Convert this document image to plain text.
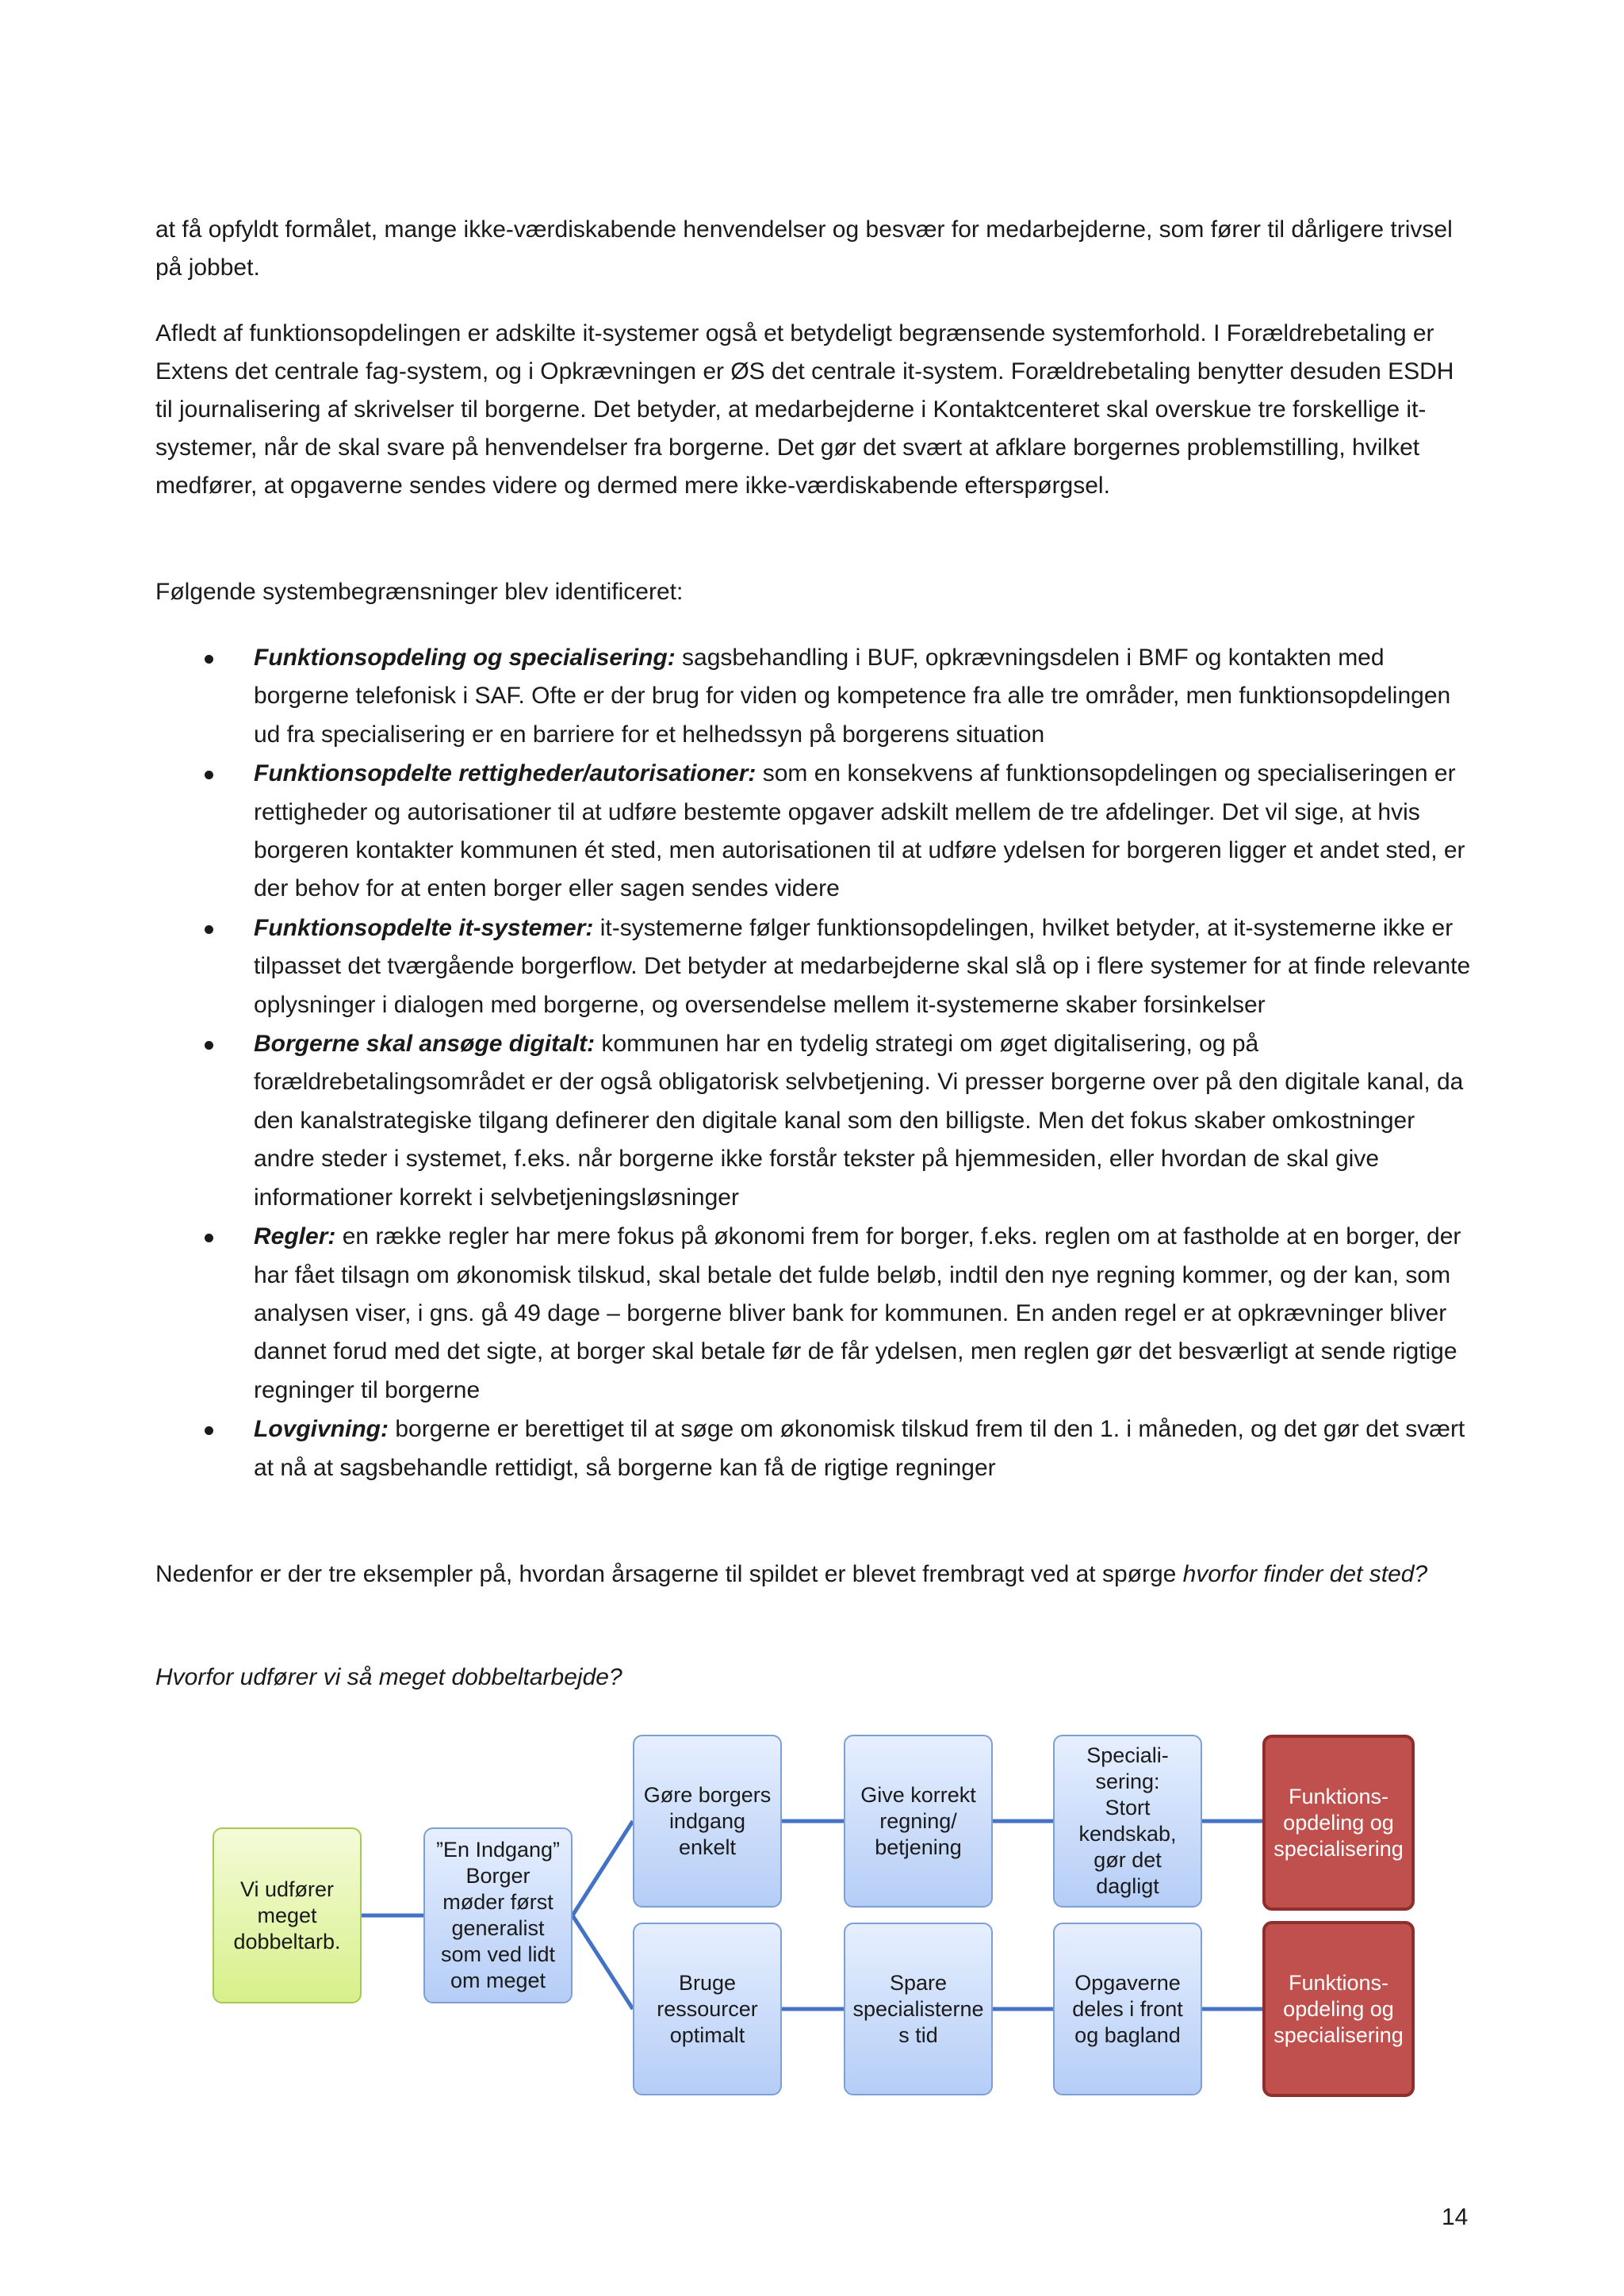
at få opfyldt formålet, mange ikke-værdiskabende henvendelser og besvær for medarbejderne, som fører til dårligere trivsel på jobbet.

Afledt af funktionsopdelingen er adskilte it-systemer også et betydeligt begrænsende systemforhold. I Forældrebetaling er Extens det centrale fag-system, og i Opkrævningen er ØS det centrale it-system. Forældrebetaling benytter desuden ESDH til journalisering af skrivelser til borgerne. Det betyder, at medarbejderne i Kontaktcenteret skal overskue tre forskellige it-systemer, når de skal svare på henvendelser fra borgerne. Det gør det svært at afklare borgernes problemstilling, hvilket medfører, at opgaverne sendes videre og dermed mere ikke-værdiskabende efterspørgsel.

Følgende systembegrænsninger blev identificeret:

Funktionsopdeling og specialisering: sagsbehandling i BUF, opkrævningsdelen i BMF og kontakten med borgerne telefonisk i SAF. Ofte er der brug for viden og kompetence fra alle tre områder, men funktionsopdelingen ud fra specialisering er en barriere for et helhedssyn på borgerens situation
Funktionsopdelte rettigheder/autorisationer: som en konsekvens af funktionsopdelingen og specialiseringen er rettigheder og autorisationer til at udføre bestemte opgaver adskilt mellem de tre afdelinger. Det vil sige, at hvis borgeren kontakter kommunen ét sted, men autorisationen til at udføre ydelsen for borgeren ligger et andet sted, er der behov for at enten borger eller sagen sendes videre
Funktionsopdelte it-systemer: it-systemerne følger funktionsopdelingen, hvilket betyder, at it-systemerne ikke er tilpasset det tværgående borgerflow. Det betyder at medarbejderne skal slå op i flere systemer for at finde relevante oplysninger i dialogen med borgerne, og oversendelse mellem it-systemerne skaber forsinkelser
Borgerne skal ansøge digitalt: kommunen har en tydelig strategi om øget digitalisering, og på forældrebetalingsområdet er der også obligatorisk selvbetjening. Vi presser borgerne over på den digitale kanal, da den kanalstrategiske tilgang definerer den digitale kanal som den billigste. Men det fokus skaber omkostninger andre steder i systemet, f.eks. når borgerne ikke forstår tekster på hjemmesiden, eller hvordan de skal give informationer korrekt i selvbetjeningsløsninger
Regler: en række regler har mere fokus på økonomi frem for borger, f.eks. reglen om at fastholde at en borger, der har fået tilsagn om økonomisk tilskud, skal betale det fulde beløb, indtil den nye regning kommer, og der kan, som analysen viser, i gns. gå 49 dage – borgerne bliver bank for kommunen. En anden regel er at opkrævninger bliver dannet forud med det sigte, at borger skal betale før de får ydelsen, men reglen gør det besværligt at sende rigtige regninger til borgerne
Lovgivning: borgerne er berettiget til at søge om økonomisk tilskud frem til den 1. i måneden, og det gør det svært at nå at sagsbehandle rettidigt, så borgerne kan få de rigtige regninger

Nedenfor er der tre eksempler på, hvordan årsagerne til spildet er blevet frembragt ved at spørge hvorfor finder det sted?

Hvorfor udfører vi så meget dobbeltarbejde?

Vi udfører
meget
dobbeltarb.
”En Indgang”
Borger
møder først
generalist
som ved lidt
om meget
Gøre borgers
indgang
enkelt
Give korrekt
regning/
betjening
Speciali-
sering:
Stort
kendskab,
gør det
dagligt
Funktions-
opdeling og
specialisering
Bruge
ressourcer
optimalt
Spare
specialisterne
s tid
Opgaverne
deles i front
og bagland
Funktions-
opdeling og
specialisering
14
